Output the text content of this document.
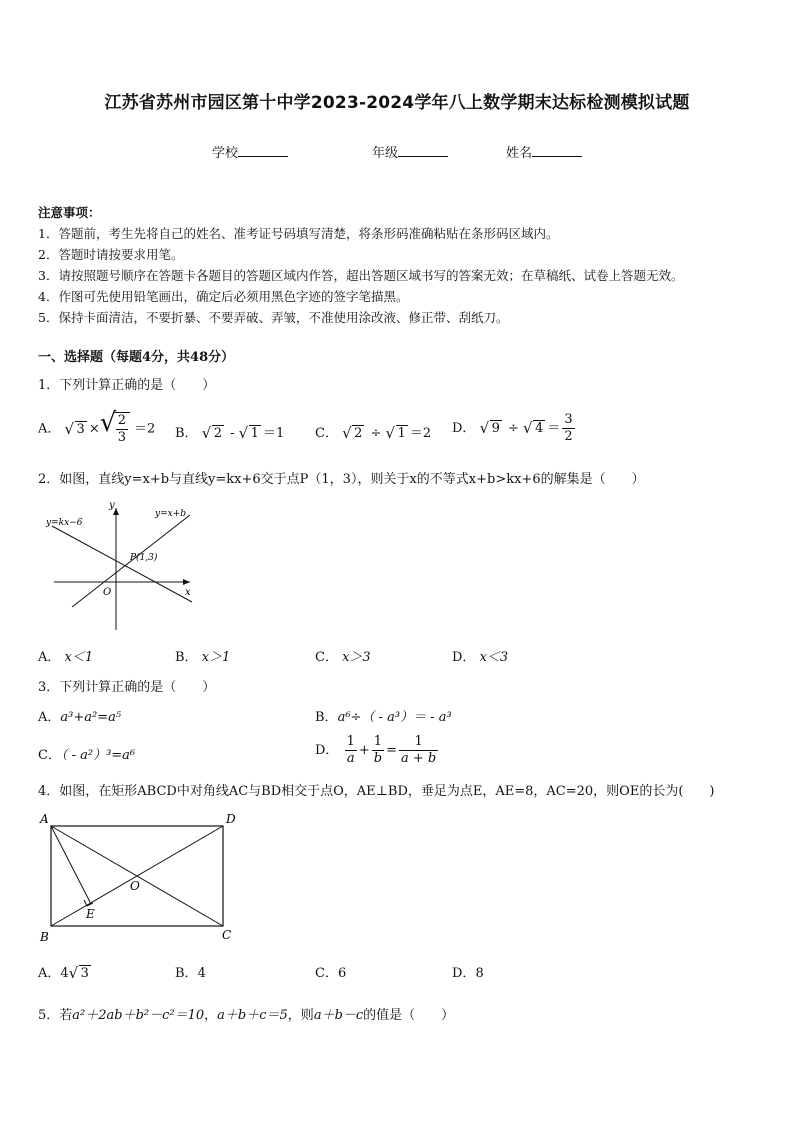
江苏省苏州市园区第十中学2023-2024学年八上数学期末达标检测模拟试题
学校	年级	姓名
注意事项：
1．答题前，考生先将自己的姓名、准考证号码填写清楚，将条形码准确粘贴在条形码区域内。
2．答题时请按要求用笔。
3．请按照题号顺序在答题卡各题目的答题区域内作答，超出答题区域书写的答案无效；在草稿纸、试卷上答题无效。
4．作图可先使用铅笔画出，确定后必须用黑色字迹的签字笔描黑。
5．保持卡面清洁，不要折暴、不要弄破、弄皱，不准使用涂改液、修正带、刮纸刀。
一、选择题（每题4分，共48分）
1．下列计算正确的是（　　）
A． √ 3 × √
$\frac{2}{3} =2$ B． √ 2 - √ 1 ＝1 C． √ 2 ÷ √ 1 ＝2 D． √ 9 ÷ √ $4 = \frac{3}{2}$
2．如图，直线y=x+b与直线y=kx+6交于点P（1，3），则关于x的不等式x+b>kx+6的解集是（　　）
y
x
O
y=kx−6
y=x+b
P(1,3)
A． x＜1	B． x＞1	C． x＞3	D． x＜3
3．下列计算正确的是（　　）
A．a³+a²=a⁵	B．a⁶÷（ - a³）＝ - a³
C．（ - a²）³=a⁶	D． $\frac{1}{a} + \frac{1}{b} = \frac{1}{a + b}$
4．如图，在矩形ABCD中对角线AC与BD相交于点O，AE⊥BD，垂足为点E，AE=8，AC=20，则OE的长为(　　)
A	D
B	C
O
E
A．4 √ 3	B．4	C．6	D．8
5．若a²＋2ab＋b²－c²＝10，a＋b＋c＝5，则a＋b－c的值是（　　）
